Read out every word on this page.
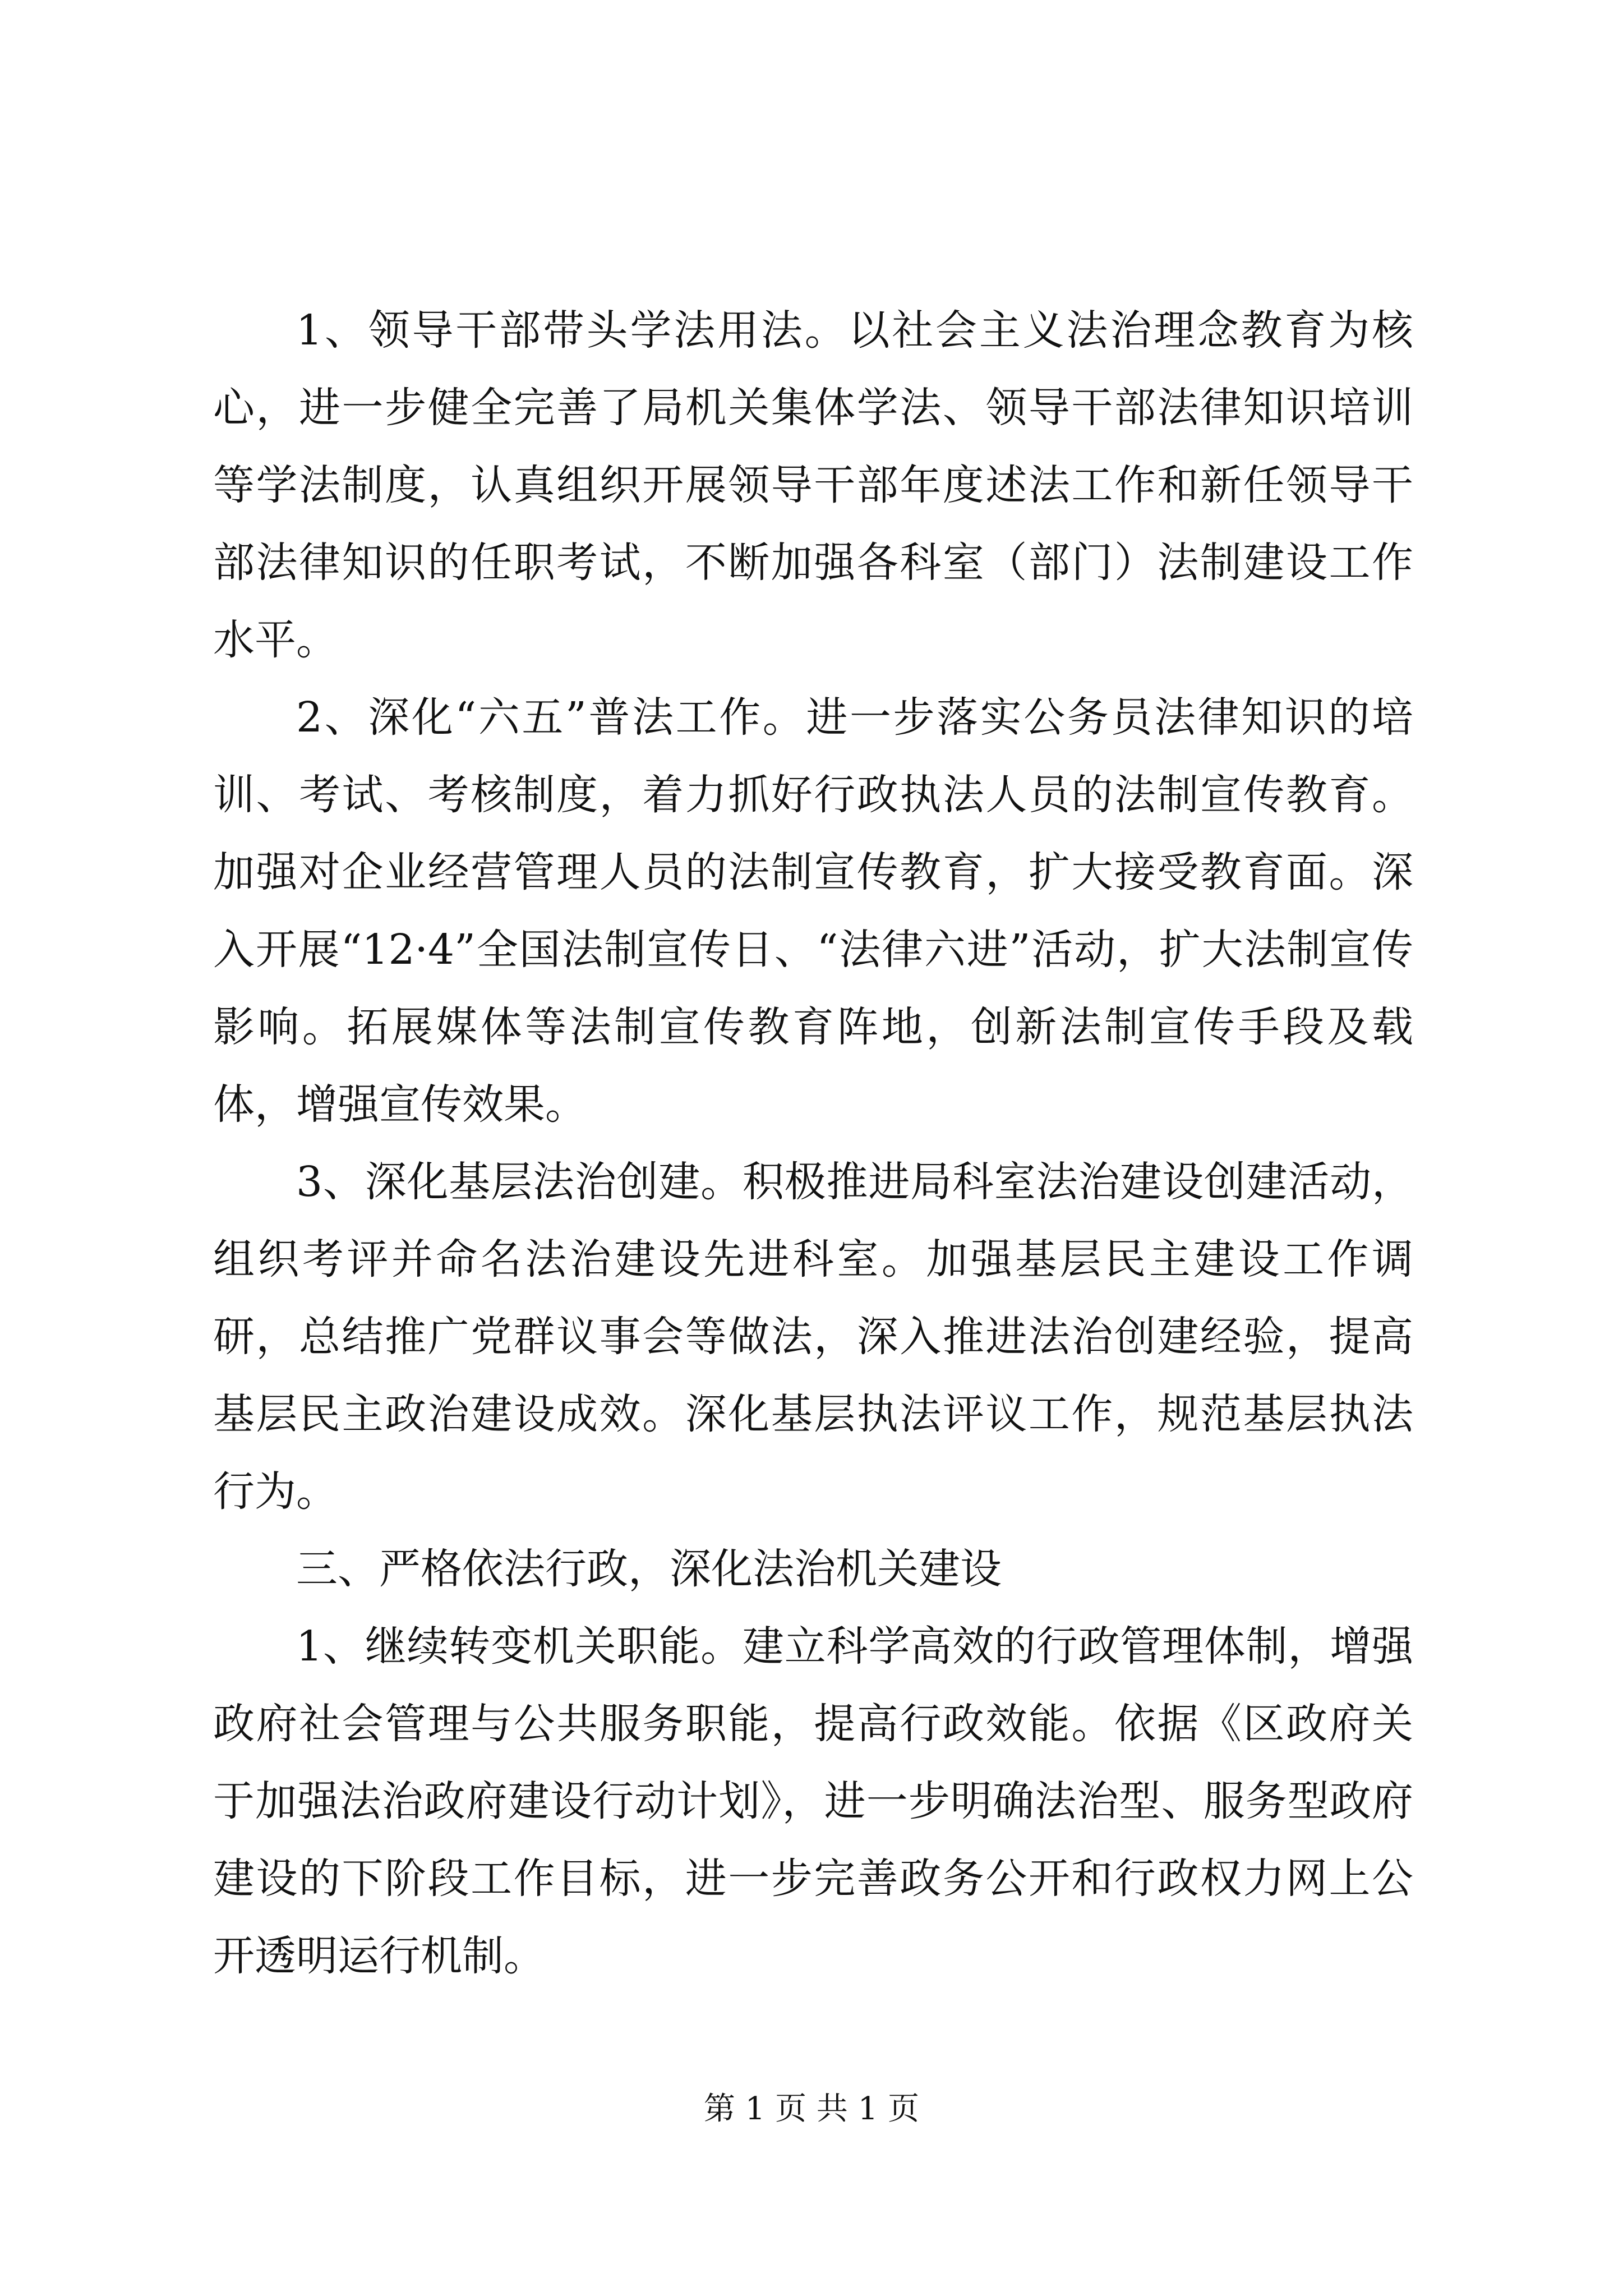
1、领导干部带头学法用法。以社会主义法治理念教育为核心，进一步健全完善了局机关集体学法、领导干部法律知识培训等学法制度，认真组织开展领导干部年度述法工作和新任领导干部法律知识的任职考试，不断加强各科室（部门）法制建设工作水平。

2、深化“六五”普法工作。进一步落实公务员法律知识的培训、考试、考核制度，着力抓好行政执法人员的法制宣传教育。加强对企业经营管理人员的法制宣传教育，扩大接受教育面。深入开展“12·4”全国法制宣传日、“法律六进”活动，扩大法制宣传影响。拓展媒体等法制宣传教育阵地，创新法制宣传手段及载体，增强宣传效果。

3、深化基层法治创建。积极推进局科室法治建设创建活动，组织考评并命名法治建设先进科室。加强基层民主建设工作调研，总结推广党群议事会等做法，深入推进法治创建经验，提高基层民主政治建设成效。深化基层执法评议工作，规范基层执法行为。

三、严格依法行政，深化法治机关建设

1、继续转变机关职能。建立科学高效的行政管理体制，增强政府社会管理与公共服务职能，提高行政效能。依据《区政府关于加强法治政府建设行动计划》，进一步明确法治型、服务型政府建设的下阶段工作目标，进一步完善政务公开和行政权力网上公开透明运行机制。

第 1 页 共 1 页
